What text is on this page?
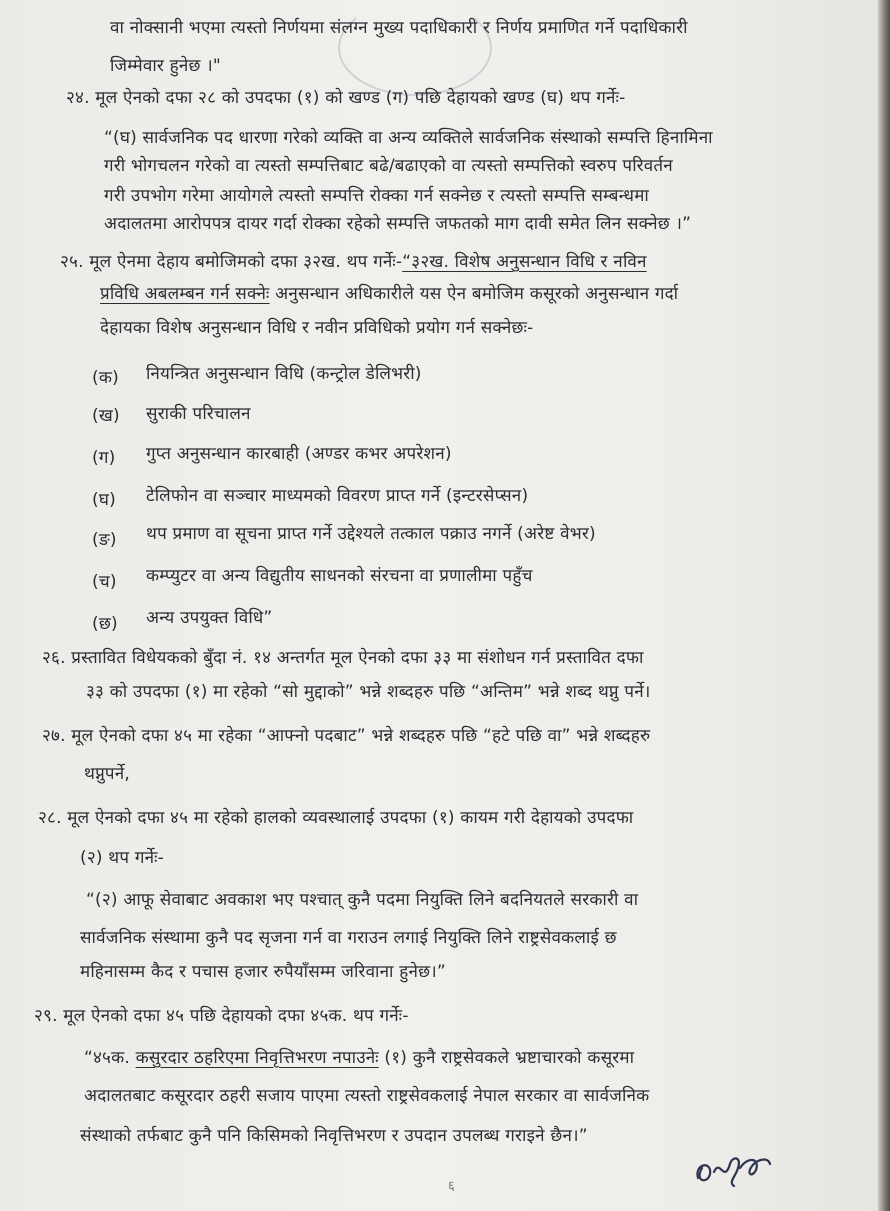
वा नोक्सानी भएमा त्यस्तो निर्णयमा संलग्न मुख्य पदाधिकारी र निर्णय प्रमाणित गर्ने पदाधिकारी
जिम्मेवार हुनेछ ।"
२४. मूल ऐनको दफा २८ को उपदफा (१) को खण्ड (ग) पछि देहायको खण्ड (घ) थप गर्नेः-
“(घ) सार्वजनिक पद धारणा गरेको व्यक्ति वा अन्य व्यक्तिले सार्वजनिक संस्थाको सम्पत्ति हिनामिना
गरी भोगचलन गरेको वा त्यस्तो सम्पत्तिबाट बढे/बढाएको वा त्यस्तो सम्पत्तिको स्वरुप परिवर्तन
गरी उपभोग गरेमा आयोगले त्यस्तो सम्पत्ति रोक्का गर्न सक्नेछ र त्यस्तो सम्पत्ति सम्बन्धमा
अदालतमा आरोपपत्र दायर गर्दा रोक्का रहेको सम्पत्ति जफतको माग दावी समेत लिन सक्नेछ ।”
२५. मूल ऐनमा देहाय बमोजिमको दफा ३२ख. थप गर्नेः-“३२ख. विशेष अनुसन्धान विधि र नविन
प्रविधि अबलम्बन गर्न सक्नेः अनुसन्धान अधिकारीले यस ऐन बमोजिम कसूरको अनुसन्धान गर्दा
देहायका विशेष अनुसन्धान विधि र नवीन प्रविधिको प्रयोग गर्न सक्नेछः-
(क) नियन्त्रित अनुसन्धान विधि (कन्ट्रोल डेलिभरी)
(ख) सुराकी परिचालन
(ग) गुप्त अनुसन्धान कारबाही (अण्डर कभर अपरेशन)
(घ) टेलिफोन वा सञ्चार माध्यमको विवरण प्राप्त गर्ने (इन्टरसेप्सन)
(ङ) थप प्रमाण वा सूचना प्राप्त गर्ने उद्देश्यले तत्काल पक्राउ नगर्ने (अरेष्ट वेभर)
(च) कम्प्युटर वा अन्य विद्युतीय साधनको संरचना वा प्रणालीमा पहुँच
(छ) अन्य उपयुक्त विधि”
२६. प्रस्तावित विधेयकको बुँदा नं. १४ अन्तर्गत मूल ऐनको दफा ३३ मा संशोधन गर्न प्रस्तावित दफा
३३ को उपदफा (१) मा रहेको “सो मुद्दाको” भन्ने शब्दहरु पछि “अन्तिम” भन्ने शब्द थप्नु पर्ने।
२७. मूल ऐनको दफा ४५ मा रहेका “आफ्नो पदबाट” भन्ने शब्दहरु पछि “हटे पछि वा” भन्ने शब्दहरु
थप्नुपर्ने,
२८. मूल ऐनको दफा ४५ मा रहेको हालको व्यवस्थालाई उपदफा (१) कायम गरी देहायको उपदफा
(२) थप गर्नेः-
“(२) आफू सेवाबाट अवकाश भए पश्चात् कुनै पदमा नियुक्ति लिने बदनियतले सरकारी वा
सार्वजनिक संस्थामा कुनै पद सृजना गर्न वा गराउन लगाई नियुक्ति लिने राष्ट्रसेवकलाई छ
महिनासम्म कैद र पचास हजार रुपैयाँसम्म जरिवाना हुनेछ।”
२९. मूल ऐनको दफा ४५ पछि देहायको दफा ४५क. थप गर्नेः-
“४५क. कसुरदार ठहरिएमा निवृत्तिभरण नपाउनेः (१) कुनै राष्ट्रसेवकले भ्रष्टाचारको कसूरमा
अदालतबाट कसूरदार ठहरी सजाय पाएमा त्यस्तो राष्ट्रसेवकलाई नेपाल सरकार वा सार्वजनिक
संस्थाको तर्फबाट कुनै पनि किसिमको निवृत्तिभरण र उपदान उपलब्ध गराइने छैन।”
६
